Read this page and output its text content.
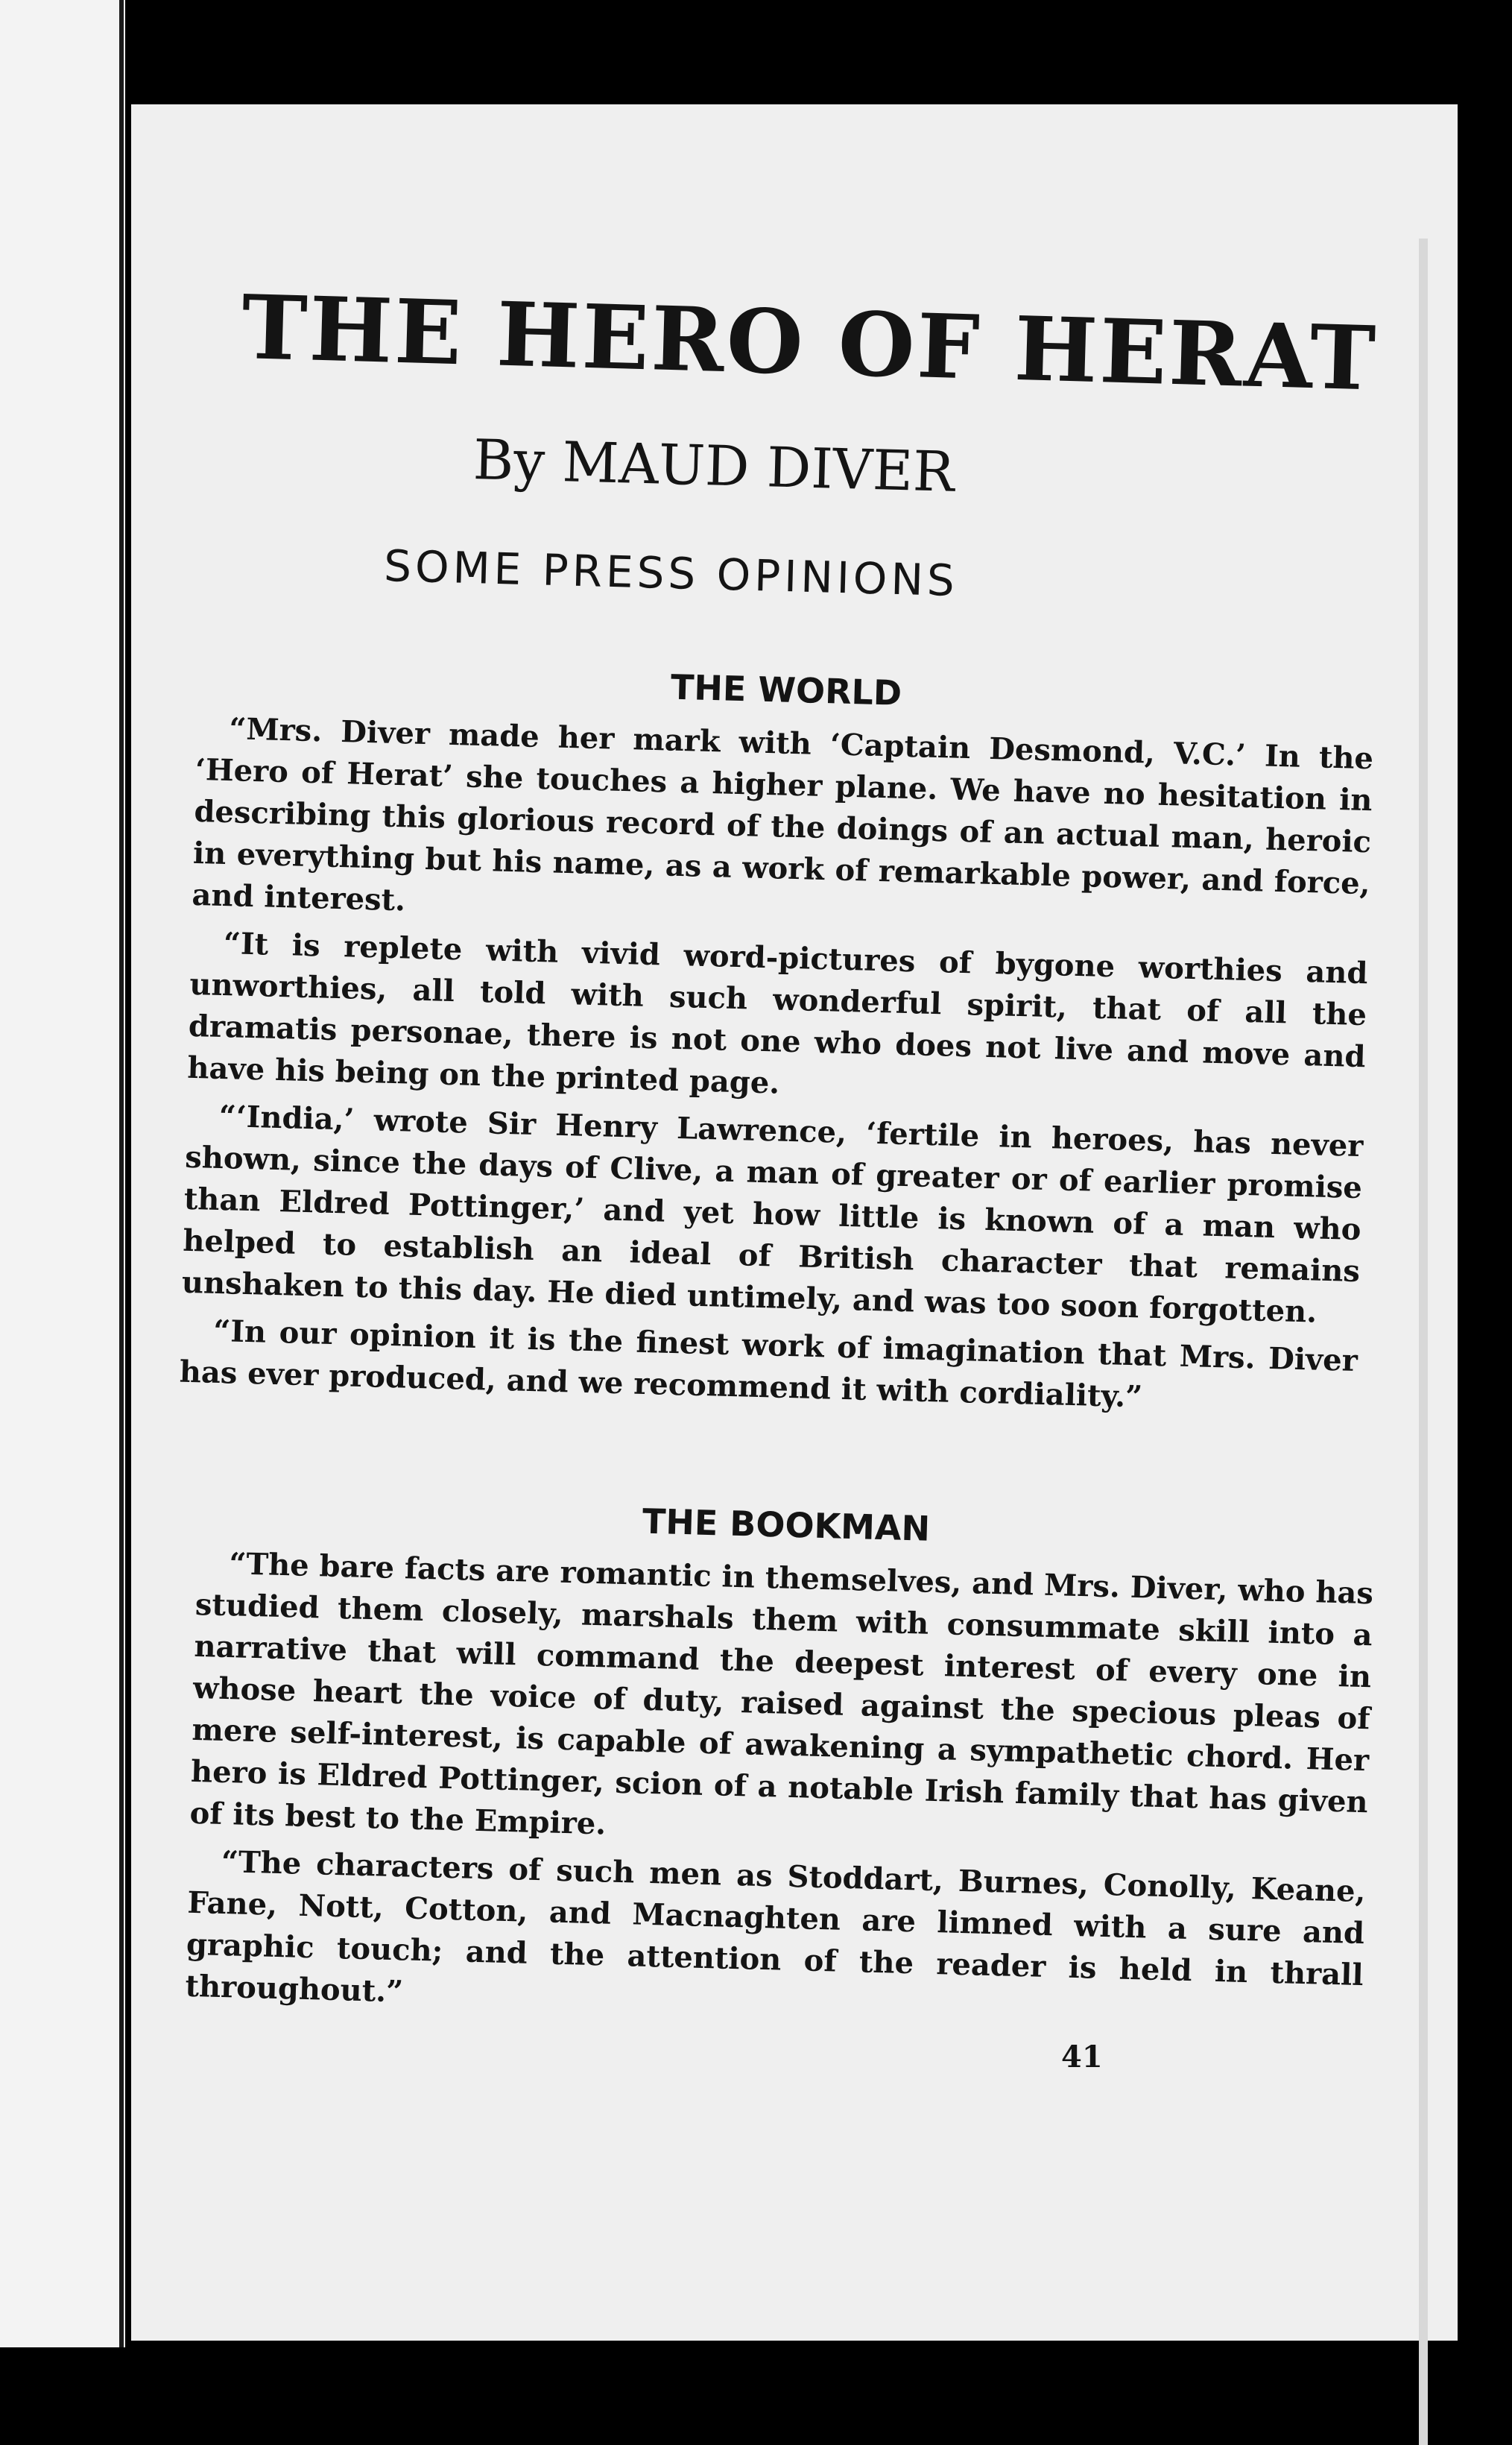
THE HERO OF HERAT
By MAUD DIVER
SOME PRESS OPINIONS
THE WORLD

“Mrs. Diver made her mark with ‘Captain Desmond, V.C.’ In the ‘Hero of Herat’ she touches a higher plane. We have no hesitation in describing this glorious record of the doings of an actual man, heroic in everything but his name, as a work of remarkable power, and force, and interest.

“It is replete with vivid word-pictures of bygone worthies and unworthies, all told with such wonderful spirit, that of all the dramatis personae, there is not one who does not live and move and have his being on the printed page.

“‘India,’ wrote Sir Henry Lawrence, ‘fertile in heroes, has never shown, since the days of Clive, a man of greater or of earlier promise than Eldred Pottinger,’ and yet how little is known of a man who helped to establish an ideal of British character that remains unshaken to this day. He died untimely, and was too soon forgotten.

“In our opinion it is the finest work of imagination that Mrs. Diver has ever produced, and we recommend it with cordiality.”

THE BOOKMAN

“The bare facts are romantic in themselves, and Mrs. Diver, who has studied them closely, marshals them with consummate skill into a narrative that will command the deepest interest of every one in whose heart the voice of duty, raised against the specious pleas of mere self-interest, is capable of awakening a sympathetic chord. Her hero is Eldred Pottinger, scion of a notable Irish family that has given of its best to the Empire.

“The characters of such men as Stoddart, Burnes, Conolly, Keane, Fane, Nott, Cotton, and Macnaghten are limned with a sure and graphic touch; and the attention of the reader is held in thrall throughout.”

41
